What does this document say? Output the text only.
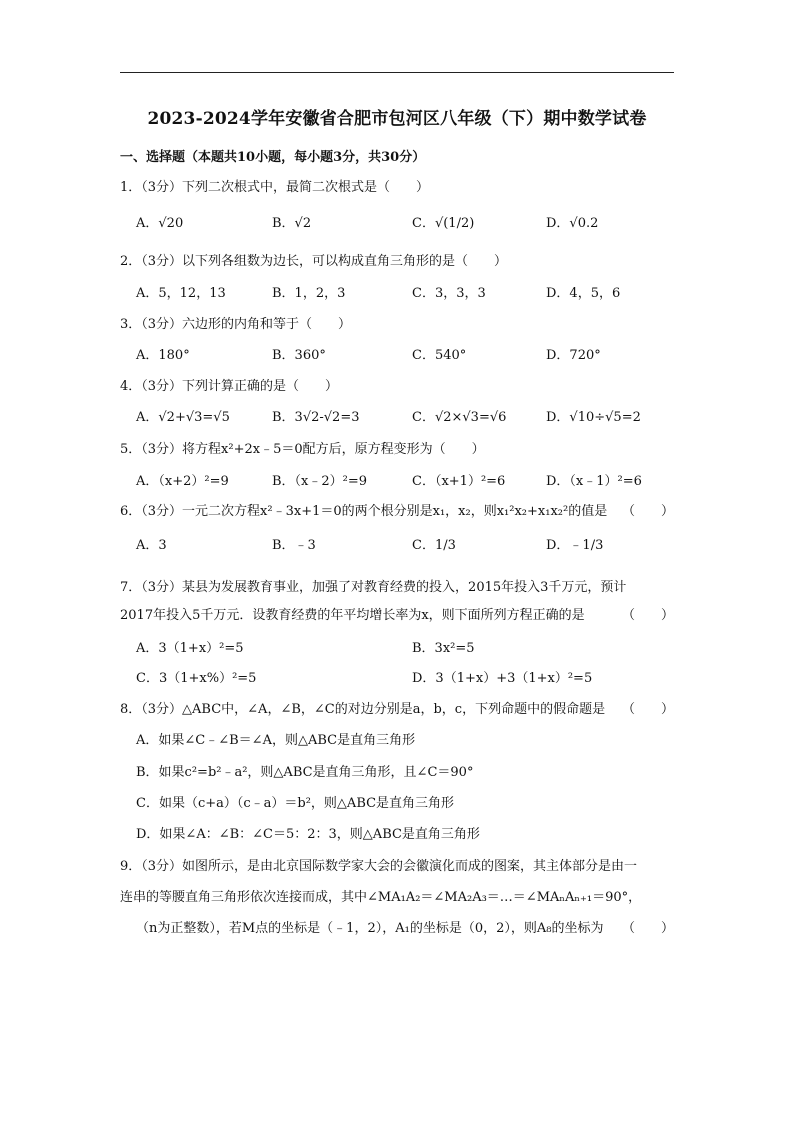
2023-2024学年安徽省合肥市包河区八年级（下）期中数学试卷
一、选择题（本题共10小题，每小题3分，共30分）
1．（3分）下列二次根式中，最简二次根式是（　　）
A．√20	B．√2	C．√(1/2)	D．√0.2
2．（3分）以下列各组数为边长，可以构成直角三角形的是（　　）
A．5，12，13	B．1，2，3	C．3，3，3	D．4，5，6
3．（3分）六边形的内角和等于（　　）
A．180°	B．360°	C．540°	D．720°
4．（3分）下列计算正确的是（　　）
A．√2+√3=√5	B．3√2-√2=3	C．√2×√3=√6	D．√10÷√5=2
5．（3分）将方程x²+2x﹣5＝0配方后，原方程变形为（　　）
A．（x+2）²=9	B．（x﹣2）²=9	C．（x+1）²=6	D．（x﹣1）²=6
6．（3分）一元二次方程x²﹣3x+1＝0的两个根分别是x₁，x₂，则x₁²x₂+x₁x₂²的值是 （　　）
A．3	B．﹣3	C．1/3	D．﹣1/3
7．（3分）某县为发展教育事业，加强了对教育经费的投入，2015年投入3千万元，预计
2017年投入5千万元．设教育经费的年平均增长率为x，则下面所列方程正确的是	（　　）
A．3（1+x）²=5	B．3x²=5
C．3（1+x%）²=5	D．3（1+x）+3（1+x）²=5
8．（3分）△ABC中，∠A，∠B，∠C的对边分别是a，b，c，下列命题中的假命题是 （　　）
A．如果∠C﹣∠B＝∠A，则△ABC是直角三角形
B．如果c²=b²﹣a²，则△ABC是直角三角形，且∠C＝90°
C．如果（c+a）（c﹣a）＝b²，则△ABC是直角三角形
D．如果∠A：∠B：∠C＝5：2：3，则△ABC是直角三角形
9．（3分）如图所示，是由北京国际数学家大会的会徽演化而成的图案，其主体部分是由一
连串的等腰直角三角形依次连接而成，其中∠MA₁A₂＝∠MA₂A₃＝…＝∠MAₙAₙ₊₁＝90°，
（n为正整数），若M点的坐标是（﹣1，2），A₁的坐标是（0，2），则A₈的坐标为 （　　）
